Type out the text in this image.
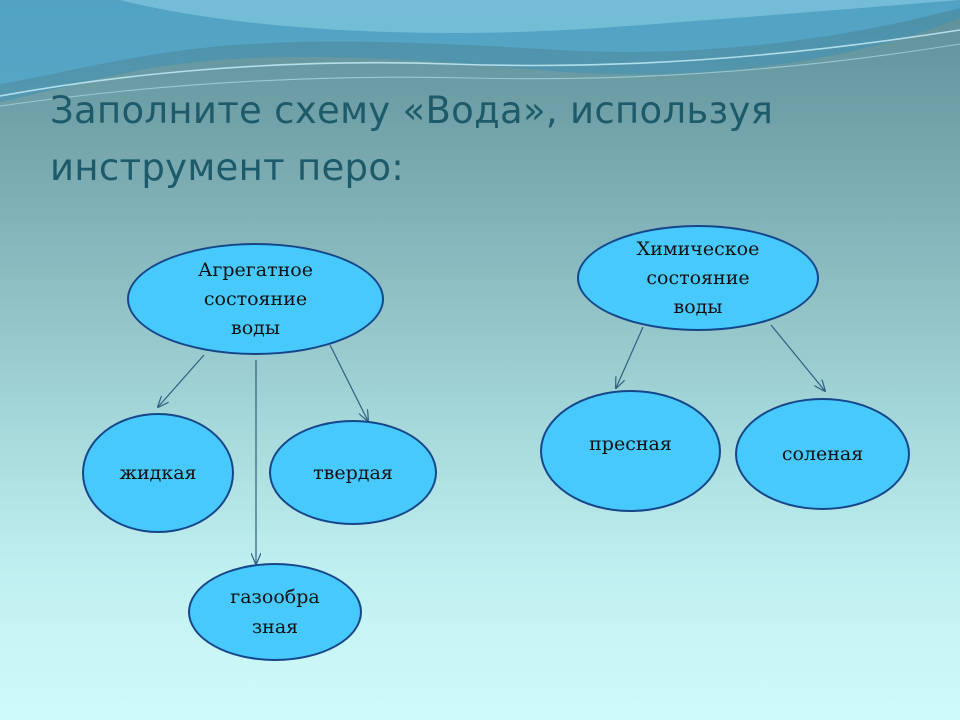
Заполните схему «Вода», используя инструмент перо:
Агрегатное
состояние
воды
Химическое
состояние
воды
жидкая	твердая
газообра
зная
пресная	соленая
